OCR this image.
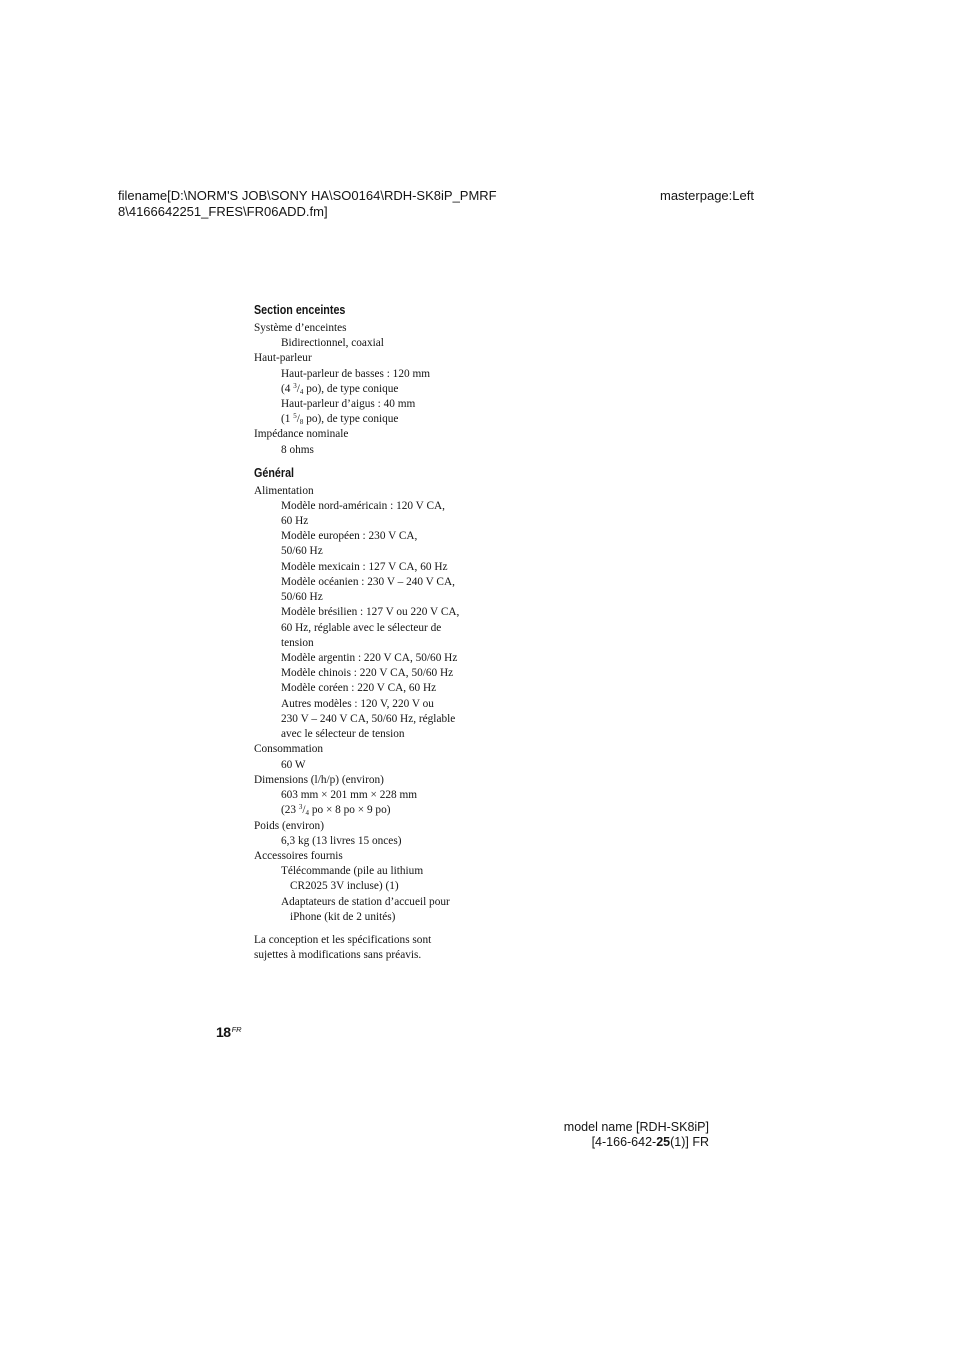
filename[D:\NORM'S JOB\SONY HA\SO0164\RDH-SK8iP_PMRF
8\4166642251_FRES\FR06ADD.fm]
masterpage:Left
Section enceintes
Système d’enceintes
Bidirectionnel, coaxial
Haut-parleur
Haut-parleur de basses : 120 mm
(4 $^3$/4 po), de type conique
Haut-parleur d’aigus : 40 mm
(1 $^5$/8 po), de type conique
Impédance nominale
8 ohms
Général
Alimentation
Modèle nord-américain : 120 V CA,
60 Hz
Modèle européen : 230 V CA,
50/60 Hz
Modèle mexicain : 127 V CA, 60 Hz
Modèle océanien : 230 V – 240 V CA,
50/60 Hz
Modèle brésilien : 127 V ou 220 V CA,
60 Hz, réglable avec le sélecteur de
tension
Modèle argentin : 220 V CA, 50/60 Hz
Modèle chinois : 220 V CA, 50/60 Hz
Modèle coréen : 220 V CA, 60 Hz
Autres modèles : 120 V, 220 V ou
230 V – 240 V CA, 50/60 Hz, réglable
avec le sélecteur de tension
Consommation
60 W
Dimensions (l/h/p) (environ)
603 mm × 201 mm × 228 mm
(23 $^3$/4 po × 8 po × 9 po)
Poids (environ)
6,3 kg (13 livres 15 onces)
Accessoires fournis
Télécommande (pile au lithium
CR2025 3V incluse) (1)
Adaptateurs de station d’accueil pour
iPhone (kit de 2 unités)
La conception et les spécifications sont
sujettes à modifications sans préavis.
$18^{FR}$
model name [RDH-SK8iP]
[4-166-642-25(1)] FR
